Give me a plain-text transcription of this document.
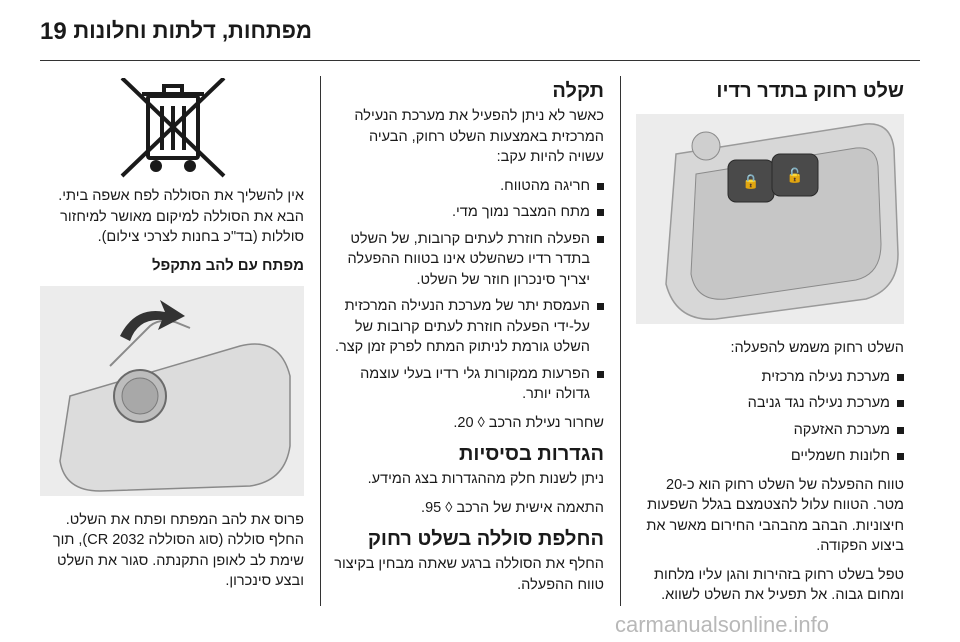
19 מפתחות, דלתות וחלונות
שלט רחוק בתדר רדיו
🔒 🔓

השלט רחוק משמש להפעלה:

מערכת נעילה מרכזית
מערכת נעילה נגד גניבה
מערכת האזעקה
חלונות חשמליים

טווח ההפעלה של השלט רחוק הוא כ-20 מטר. הטווח עלול להצטמצם בגלל השפעות חיצוניות. הבהב מהבהבי החירום מאשר את ביצוע הפקודה.

טפל בשלט רחוק בזהירות והגן עליו מלחות ומחום גבוה. אל תפעיל את השלט לשווא.

תקלה

כאשר לא ניתן להפעיל את מערכת הנעילה המרכזית באמצעות השלט רחוק, הבעיה עשויה להיות עקב:

חריגה מהטווח.
מתח המצבר נמוך מדי.
הפעלה חוזרת לעתים קרובות, של השלט בתדר רדיו כשהשלט אינו בטווח ההפעלה יצריך סינכרון חוזר של השלט.
העמסת יתר של מערכת הנעילה המרכזית על-ידי הפעלה חוזרת לעתים קרובות של השלט גורמת לניתוק המתח לפרק זמן קצר.
הפרעות ממקורות גלי רדיו בעלי עוצמה גדולה יותר.

שחרור נעילת הרכב ◊ 20.

הגדרות בסיסיות

ניתן לשנות חלק מההגדרות בצג המידע.

התאמה אישית של הרכב ◊ 95.

החלפת סוללה בשלט רחוק

החלף את הסוללה ברגע שאתה מבחין בקיצור טווח ההפעלה.

אין להשליך את הסוללה לפח אשפה ביתי. הבא את הסוללה למיקום מאושר למיחזור סוללות (בד"כ בחנות לצרכי צילום).

מפתח עם להב מתקפל

פרוס את להב המפתח ופתח את השלט. החלף סוללה (סוג הסוללה CR 2032), תוך שימת לב לאופן התקנתה. סגור את השלט ובצע סינכרון.

carmanualsonline.info
